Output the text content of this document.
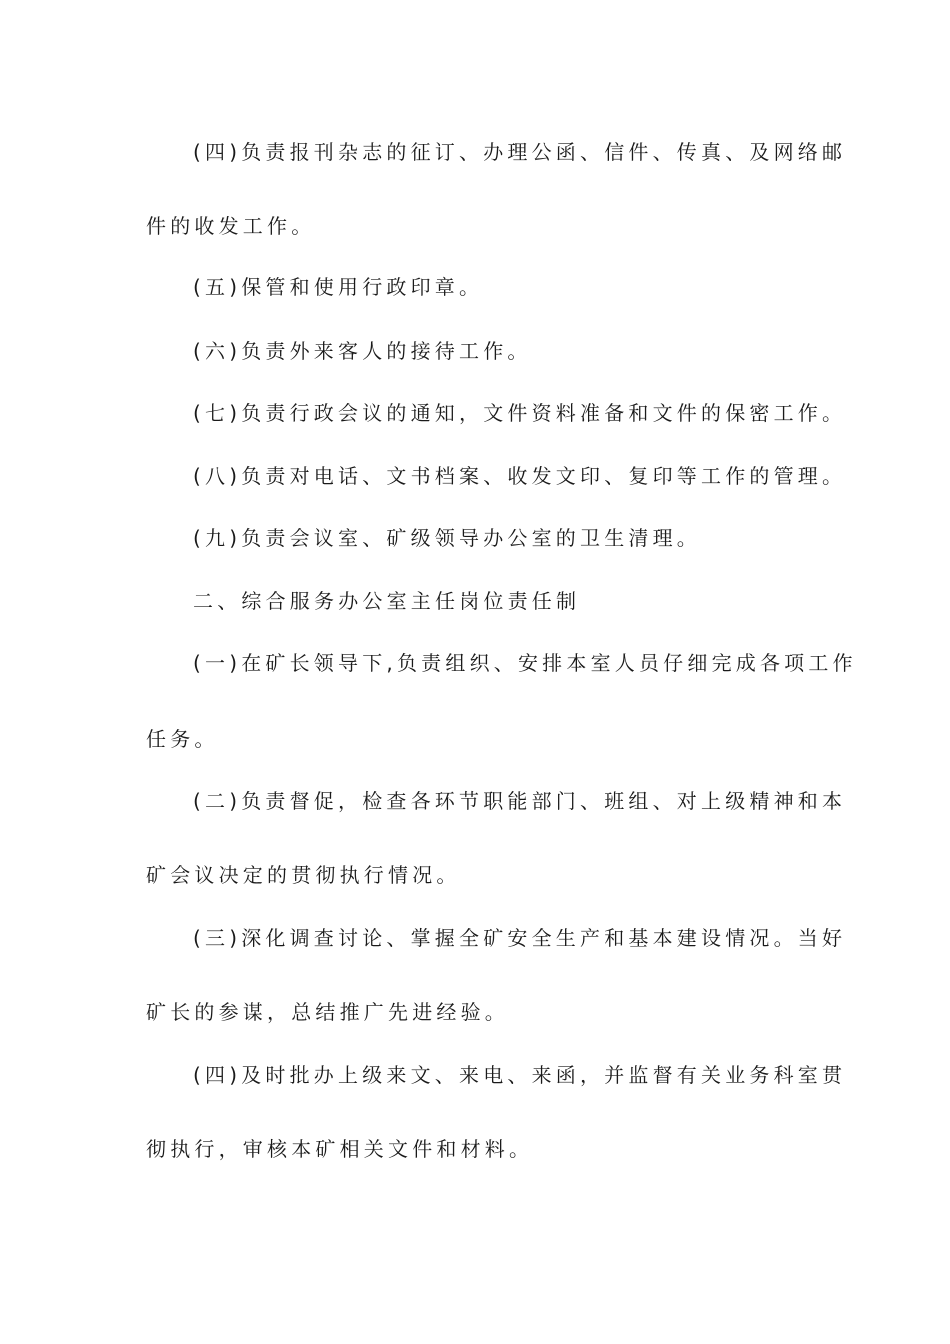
(四)负责报刊杂志的征订、办理公函、信件、传真、及网络邮
件的收发工作。
(五)保管和使用行政印章。
(六)负责外来客人的接待工作。
(七)负责行政会议的通知，文件资料准备和文件的保密工作。
(八)负责对电话、文书档案、收发文印、复印等工作的管理。
(九)负责会议室、矿级领导办公室的卫生清理。
二、综合服务办公室主任岗位责任制
(一)在矿长领导下,负责组织、安排本室人员仔细完成各项工作
任务。
(二)负责督促，检查各环节职能部门、班组、对上级精神和本
矿会议决定的贯彻执行情况。
(三)深化调查讨论、掌握全矿安全生产和基本建设情况。当好
矿长的参谋，总结推广先进经验。
(四)及时批办上级来文、来电、来函，并监督有关业务科室贯
彻执行，审核本矿相关文件和材料。
